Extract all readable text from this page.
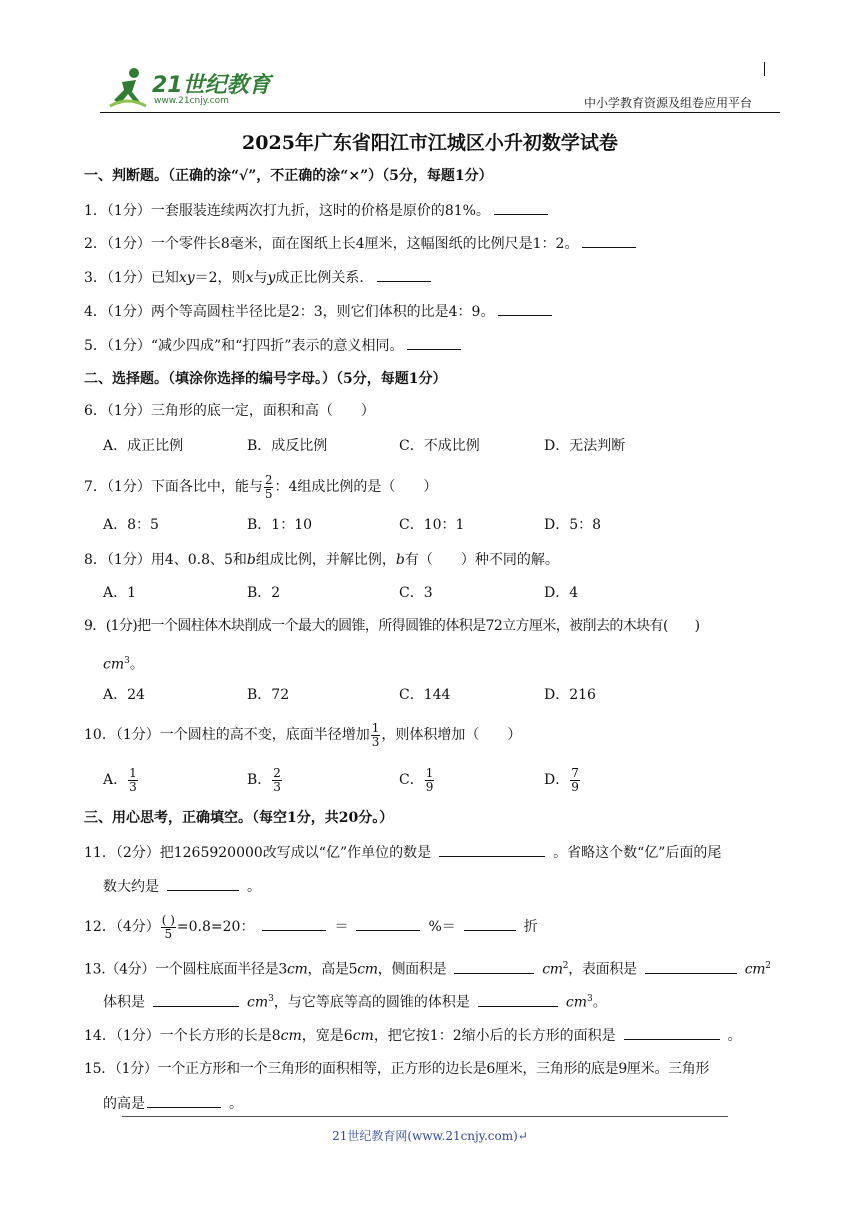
21世纪教育
www.21cnjy.com	中小学教育资源及组卷应用平台
2025年广东省阳江市江城区小升初数学试卷
一、判断题。（正确的涂“√”，不正确的涂“×”）（5分，每题1分）
1．（1分）一套服装连续两次打九折，这时的价格是原价的81%。
2．（1分）一个零件长8毫米，面在图纸上长4厘米，这幅图纸的比例尺是1：2。
3．（1分）已知xy＝2，则x与y成正比例关系．
4．（1分）两个等高圆柱半径比是2：3，则它们体积的比是4：9。
5．（1分）“减少四成”和“打四折”表示的意义相同。
二、选择题。（填涂你选择的编号字母。）（5分，每题1分）
6．（1分）三角形的底一定，面积和高（　　）
A．成正比例	B．成反比例	C．不成比例	D．无法判断
7．（1分）下面各比中，能与 $\frac{2}{5}$ ：4组成比例的是（　　）
A．8：5	B．1：10	C．10：1	D．5：8
8．（1分）用4、0.8、5和b组成比例，并解比例，b有（　　）种不同的解。
A．1	B．2	C．3	D．4
9．(1分)把一个圆柱体木块削成一个最大的圆锥，所得圆锥的体积是72立方厘米，被削去的木块有(　　)
$cm^3$。
A．24	B．72	C．144	D．216
10．（1分）一个圆柱的高不变，底面半径增加 $\frac{1}{3}$ ，则体积增加（　　）
A． $\frac{1}{3}$	B． $\frac{2}{3}$	C． $\frac{1}{9}$	D． $\frac{7}{9}$
三、用心思考，正确填空。（每空1分，共20分。）
11．（2分）把1265920000改写成以“亿”作单位的数是	。省略这个数“亿”后面的尾
数大约是	。
12．（4分） $\frac{( )}{5} =0.8=20$：	＝	%＝	折
13.（4分）一个圆柱底面半径是3cm，高是5cm，侧面积是	$cm^2$，表面积是	$cm^2$
体积是	$cm^3$，与它等底等高的圆锥的体积是	$cm^3$。
14．（1分）一个长方形的长是8cm，宽是6cm，把它按1：2缩小后的长方形的面积是	。
15．（1分）一个正方形和一个三角形的面积相等，正方形的边长是6厘米，三角形的底是9厘米。三角形
的高是	。
21世纪教育网(www.21cnjy.com)↵
